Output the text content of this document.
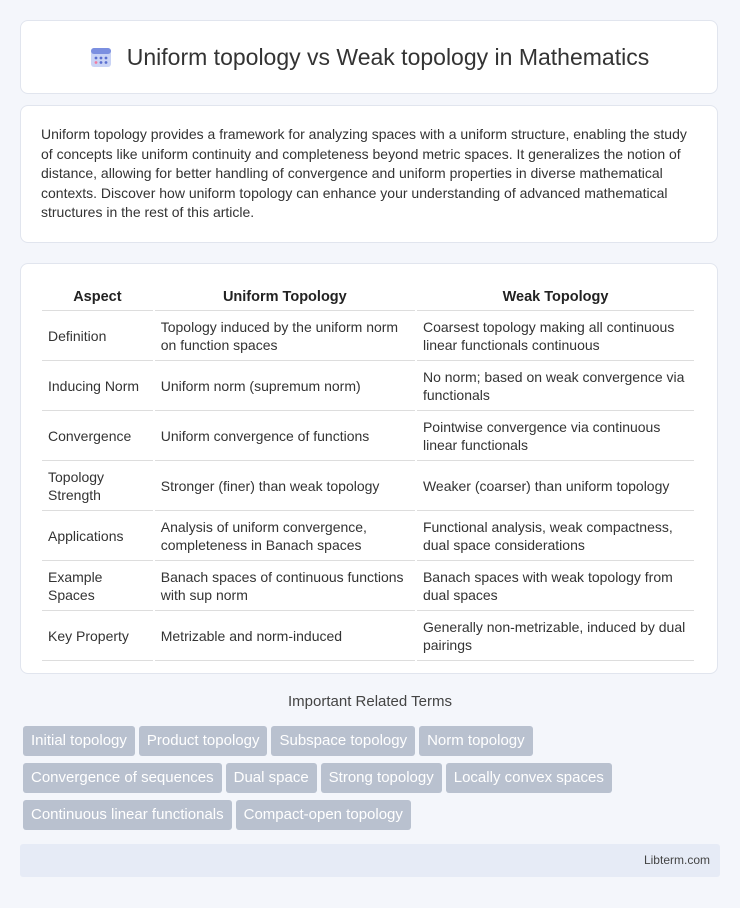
Uniform topology vs Weak topology in Mathematics

Uniform topology provides a framework for analyzing spaces with a uniform structure, enabling the study of concepts like uniform continuity and completeness beyond metric spaces. It generalizes the notion of distance, allowing for better handling of convergence and uniform properties in diverse mathematical contexts. Discover how uniform topology can enhance your understanding of advanced mathematical structures in the rest of this article.

Aspect	Uniform Topology	Weak Topology
Definition	Topology induced by the uniform norm on function spaces	Coarsest topology making all continuous linear functionals continuous
Inducing Norm	Uniform norm (supremum norm)	No norm; based on weak convergence via functionals
Convergence	Uniform convergence of functions	Pointwise convergence via continuous linear functionals
Topology Strength	Stronger (finer) than weak topology	Weaker (coarser) than uniform topology
Applications	Analysis of uniform convergence, completeness in Banach spaces	Functional analysis, weak compactness, dual space considerations
Example Spaces	Banach spaces of continuous functions with sup norm	Banach spaces with weak topology from dual spaces
Key Property	Metrizable and norm-induced	Generally non-metrizable, induced by dual pairings
Important Related Terms
Initial topology Product topology Subspace topology Norm topology
Convergence of sequences Dual space Strong topology Locally convex spaces
Continuous linear functionals Compact-open topology
Libterm.com
